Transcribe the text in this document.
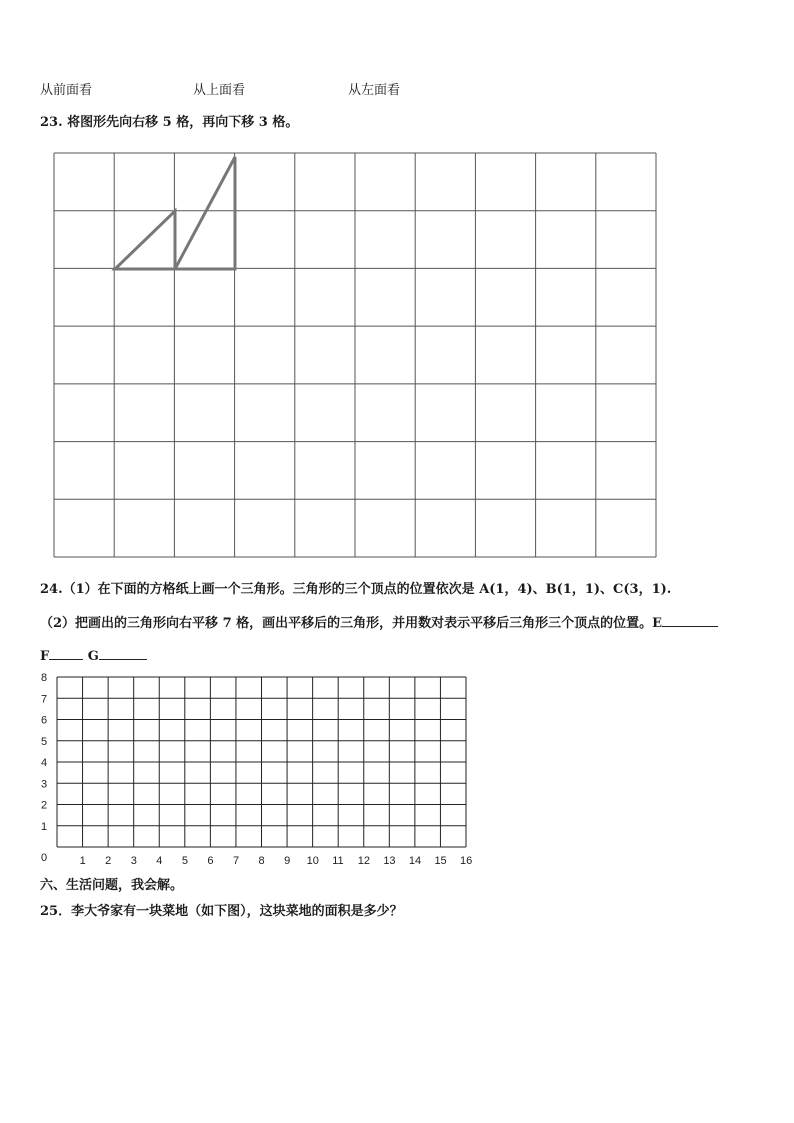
从前面看	从上面看	从左面看
23. 将图形先向右移 5 格，再向下移 3 格。
24.（1）在下面的方格纸上画一个三角形。三角形的三个顶点的位置依次是 A(1，4)、B(1，1)、C(3，1).
（2）把画出的三角形向右平移 7 格，画出平移后的三角形，并用数对表示平移后三角形三个顶点的位置。E
F	G
0
1
2
3
4
5
6
7
8
1 2 3 4 5 6 7 8 9 10 11 12 13 14 15 16
六、生活问题，我会解。
25．李大爷家有一块菜地（如下图），这块菜地的面积是多少？
